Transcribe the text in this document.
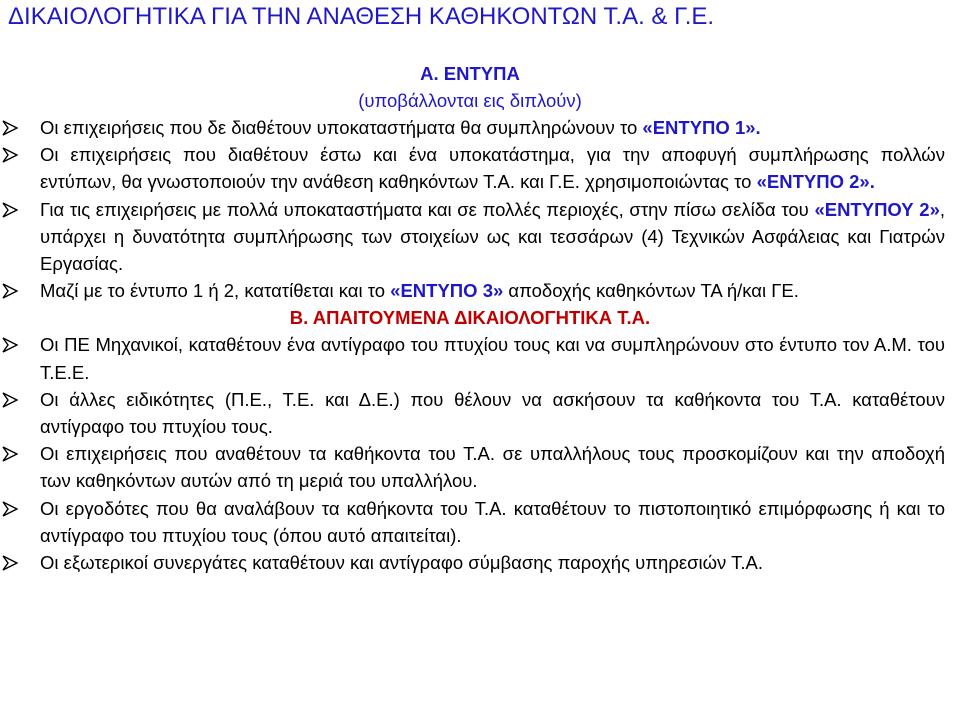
ΔΙΚΑΙΟΛΟΓΗΤΙΚΑ ΓΙΑ ΤΗΝ ΑΝΑΘΕΣΗ ΚΑΘΗΚΟΝΤΩΝ Τ.Α. & Γ.Ε.
Α. ΕΝΤΥΠΑ
(υποβάλλονται εις διπλούν)
Οι επιχειρήσεις που δε διαθέτουν υποκαταστήματα θα συμπληρώνουν το «ΕΝΤΥΠΟ 1».
Οι επιχειρήσεις που διαθέτουν έστω και ένα υποκατάστημα, για την αποφυγή συμπλήρωσης πολλών εντύπων, θα γνωστοποιούν την ανάθεση καθηκόντων Τ.Α. και Γ.Ε. χρησιμοποιώντας το «ΕΝΤΥΠΟ 2».
Για τις επιχειρήσεις με πολλά υποκαταστήματα και σε πολλές περιοχές, στην πίσω σελίδα του «ΕΝΤΥΠΟΥ 2», υπάρχει η δυνατότητα συμπλήρωσης των στοιχείων ως και τεσσάρων (4) Τεχνικών Ασφάλειας και Γιατρών Εργασίας.
Μαζί με το έντυπο 1 ή 2, κατατίθεται και το «ΕΝΤΥΠΟ 3» αποδοχής καθηκόντων ΤΑ ή/και ΓΕ.
Β. ΑΠΑΙΤΟΥΜΕΝΑ ΔΙΚΑΙΟΛΟΓΗΤΙΚΑ Τ.Α.
Οι ΠΕ Μηχανικοί, καταθέτουν ένα αντίγραφο του πτυχίου τους και να συμπληρώνουν στο έντυπο τον Α.Μ. του Τ.Ε.Ε.
Οι άλλες ειδικότητες (Π.Ε., Τ.Ε. και Δ.Ε.) που θέλουν να ασκήσουν τα καθήκοντα του Τ.Α. καταθέτουν αντίγραφο του πτυχίου τους.
Οι επιχειρήσεις που αναθέτουν τα καθήκοντα του Τ.Α. σε υπαλλήλους τους προσκομίζουν και την αποδοχή των καθηκόντων αυτών από τη μεριά του υπαλλήλου.
Οι εργοδότες που θα αναλάβουν τα καθήκοντα του Τ.Α. καταθέτουν το πιστοποιητικό επιμόρφωσης ή και το αντίγραφο του πτυχίου τους (όπου αυτό απαιτείται).
Οι εξωτερικοί συνεργάτες καταθέτουν και αντίγραφο σύμβασης παροχής υπηρεσιών Τ.Α.
